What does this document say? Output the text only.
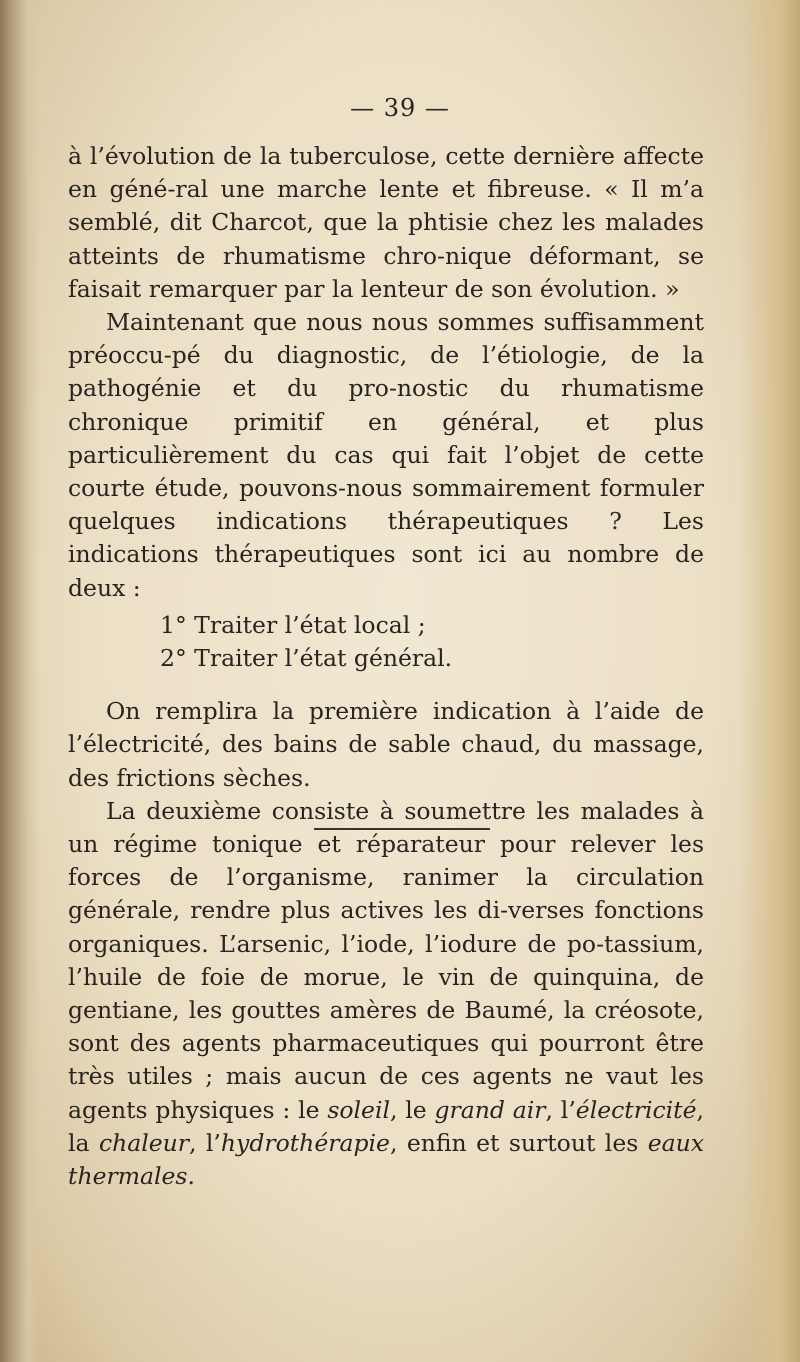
— 39 —

à l’évolution de la tuberculose, cette dernière affecte en géné-ral une marche lente et fibreuse. « Il m’a semblé, dit Charcot, que la phtisie chez les malades atteints de rhumatisme chro-nique déformant, se faisait remarquer par la lenteur de son évolution. »

Maintenant que nous nous sommes suffisamment préoccu-pé du diagnostic, de l’étiologie, de la pathogénie et du pro-nostic du rhumatisme chronique primitif en général, et plus particulièrement du cas qui fait l’objet de cette courte étude, pouvons-nous sommairement formuler quelques indications thérapeutiques ? Les indications thérapeutiques sont ici au nombre de deux :

1° Traiter l’état local ;

2° Traiter l’état général.

On remplira la première indication à l’aide de l’électricité, des bains de sable chaud, du massage, des frictions sèches.

La deuxième consiste à soumettre les malades à un régime tonique et réparateur pour relever les forces de l’organisme, ranimer la circulation générale, rendre plus actives les di-verses fonctions organiques. L’arsenic, l’iode, l’iodure de po-tassium, l’huile de foie de morue, le vin de quinquina, de gentiane, les gouttes amères de Baumé, la créosote, sont des agents pharmaceutiques qui pourront être très utiles ; mais aucun de ces agents ne vaut les agents physiques : le soleil, le grand air, l’électricité, la chaleur, l’hydrothérapie, enfin et surtout les eaux thermales.
